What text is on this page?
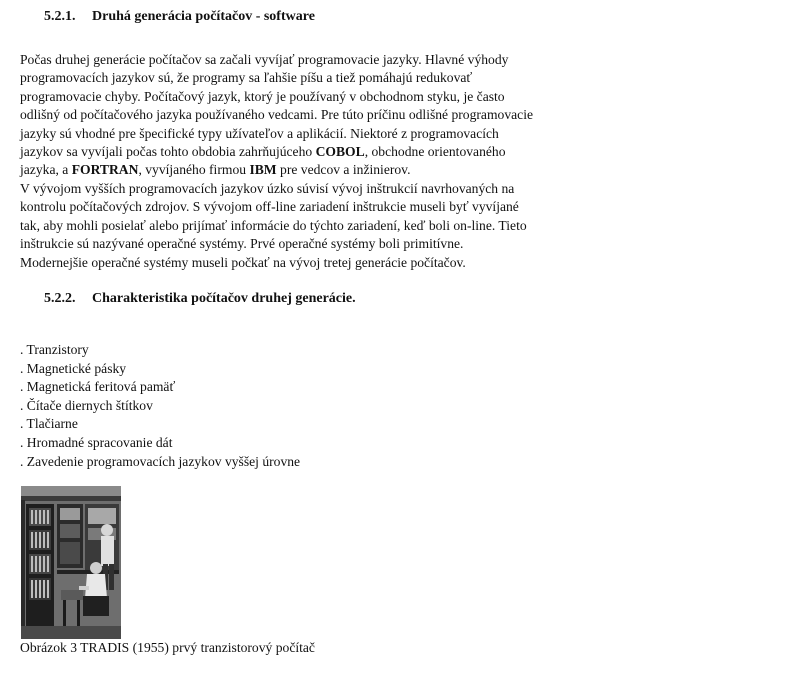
5.2.1. Druhá generácia počítačov - software
Počas druhej generácie počítačov sa začali vyvíjať programovacie jazyky. Hlavné výhody
programovacích jazykov sú, že programy sa ľahšie píšu a tiež pomáhajú redukovať
programovacie chyby. Počítačový jazyk, ktorý je používaný v obchodnom styku, je často
odlišný od počítačového jazyka používaného vedcami. Pre túto príčinu odlišné programovacie
jazyky sú vhodné pre špecifické typy užívateľov a aplikácií. Niektoré z programovacích
jazykov sa vyvíjali počas tohto obdobia zahrňujúceho COBOL, obchodne orientovaného
jazyka, a FORTRAN, vyvíjaného firmou IBM pre vedcov a inžinierov.
V vývojom vyšších programovacích jazykov úzko súvisí vývoj inštrukcií navrhovaných na
kontrolu počítačových zdrojov. S vývojom off-line zariadení inštrukcie museli byť vyvíjané
tak, aby mohli posielať alebo prijímať informácie do týchto zariadení, keď boli on-line. Tieto
inštrukcie sú nazývané operačné systémy. Prvé operačné systémy boli primitívne.
Modernejšie operačné systémy museli počkať na vývoj tretej generácie počítačov.
5.2.2. Charakteristika počítačov druhej generácie.
. Tranzistory
. Magnetické pásky
. Magnetická feritová pamäť
. Čítače diernych štítkov
. Tlačiarne
. Hromadné spracovanie dát
. Zavedenie programovacích jazykov vyššej úrovne
Obrázok 3 TRADIS (1955) prvý tranzistorový počítač
